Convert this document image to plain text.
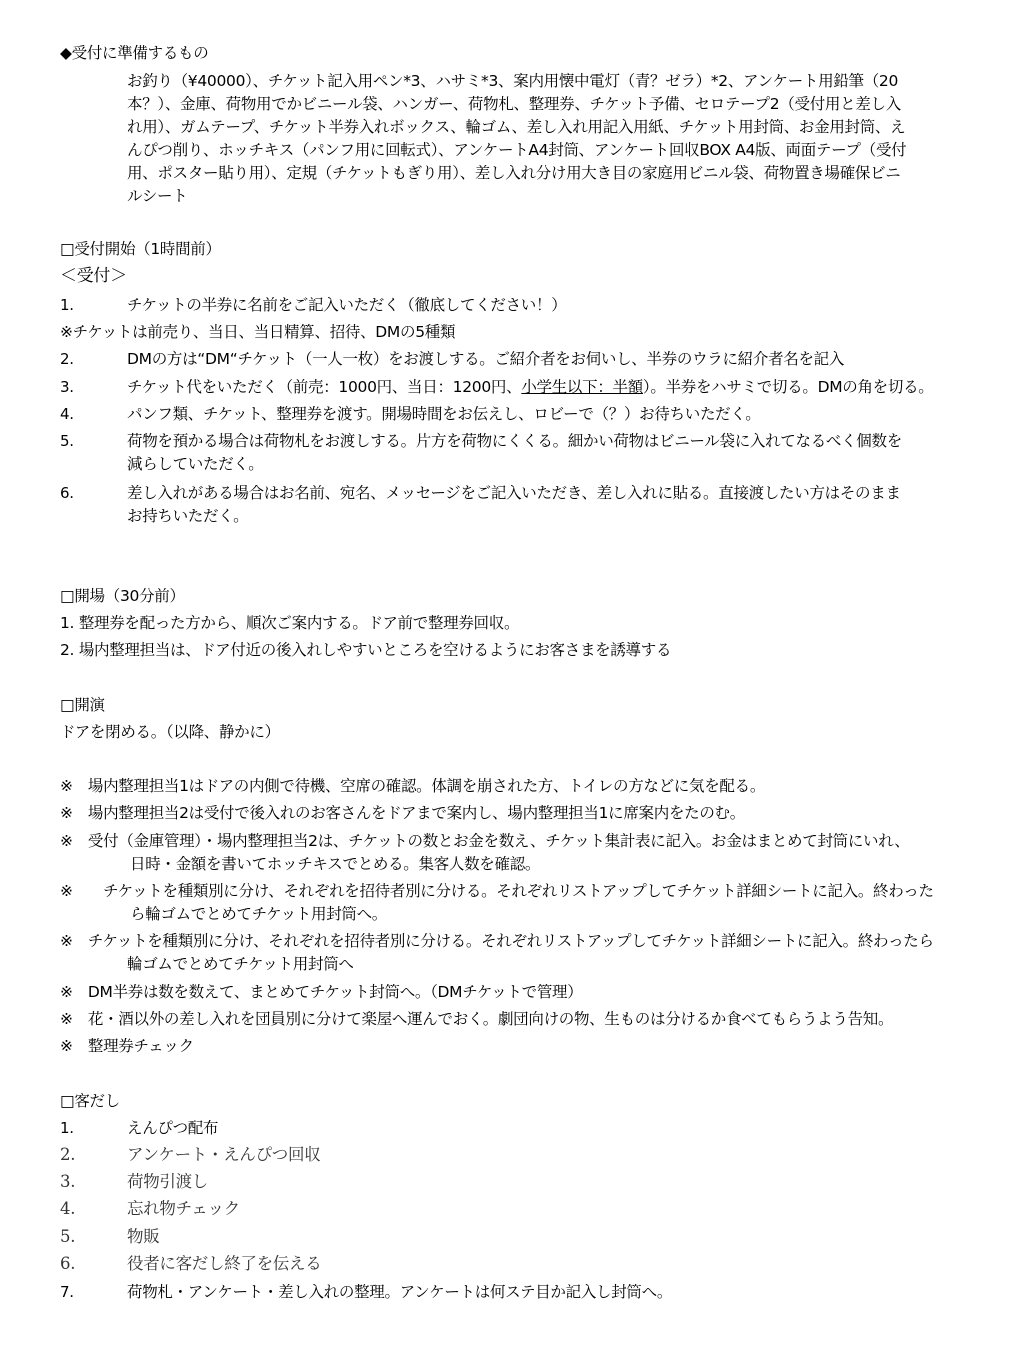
◆受付に準備するもの
お釣り（¥40000）、チケット記入用ペン*3、ハサミ*3、案内用懐中電灯（青？ゼラ）*2、アンケート用鉛筆（20
本？）、金庫、荷物用でかビニール袋、ハンガー、荷物札、整理券、チケット予備、セロテープ2（受付用と差し入
れ用）、ガムテープ、チケット半券入れボックス、輪ゴム、差し入れ用記入用紙、チケット用封筒、お金用封筒、え
んぴつ削り、ホッチキス（パンフ用に回転式）、アンケートA4封筒、アンケート回収BOX A4版、両面テープ（受付
用、ポスター貼り用）、定規（チケットもぎり用）、差し入れ分け用大き目の家庭用ビニル袋、荷物置き場確保ビニ
ルシート
□受付開始（1時間前）
＜受付＞
1.	チケットの半券に名前をご記入いただく（徹底してください！）
※チケットは前売り、当日、当日精算、招待、DMの5種類
2.	DMの方は“DM“チケット（一人一枚）をお渡しする。ご紹介者をお伺いし、半券のウラに紹介者名を記入
3.	チケット代をいただく（前売：1000円、当日：1200円、小学生以下：半額）。半券をハサミで切る。DMの角を切る。
4.	パンフ類、チケット、整理券を渡す。開場時間をお伝えし、ロビーで（？）お待ちいただく。
5.	荷物を預かる場合は荷物札をお渡しする。片方を荷物にくくる。細かい荷物はビニール袋に入れてなるべく個数を
減らしていただく。
6.	差し入れがある場合はお名前、宛名、メッセージをご記入いただき、差し入れに貼る。直接渡したい方はそのまま
お持ちいただく。
□開場（30分前）
1. 整理券を配った方から、順次ご案内する。ドア前で整理券回収。
2. 場内整理担当は、ドア付近の後入れしやすいところを空けるようにお客さまを誘導する
□開演
ドアを閉める。（以降、静かに）
※　場内整理担当1はドアの内側で待機、空席の確認。体調を崩された方、トイレの方などに気を配る。
※　場内整理担当2は受付で後入れのお客さんをドアまで案内し、場内整理担当1に席案内をたのむ。
※　受付（金庫管理）・場内整理担当2は、チケットの数とお金を数え、チケット集計表に記入。お金はまとめて封筒にいれ、
日時・金額を書いてホッチキスでとめる。集客人数を確認。
※　　チケットを種類別に分け、それぞれを招待者別に分ける。それぞれリストアップしてチケット詳細シートに記入。終わった
ら輪ゴムでとめてチケット用封筒へ。
※　チケットを種類別に分け、それぞれを招待者別に分ける。それぞれリストアップしてチケット詳細シートに記入。終わったら
輪ゴムでとめてチケット用封筒へ
※　DM半券は数を数えて、まとめてチケット封筒へ。（DMチケットで管理）
※　花・酒以外の差し入れを団員別に分けて楽屋へ運んでおく。劇団向けの物、生ものは分けるか食べてもらうよう告知。
※　整理券チェック
□客だし
1.	えんぴつ配布
2.	アンケート・えんぴつ回収
3.	荷物引渡し
4.	忘れ物チェック
5.	物販
6.	役者に客だし終了を伝える
7.	荷物札・アンケート・差し入れの整理。アンケートは何ステ目か記入し封筒へ。
